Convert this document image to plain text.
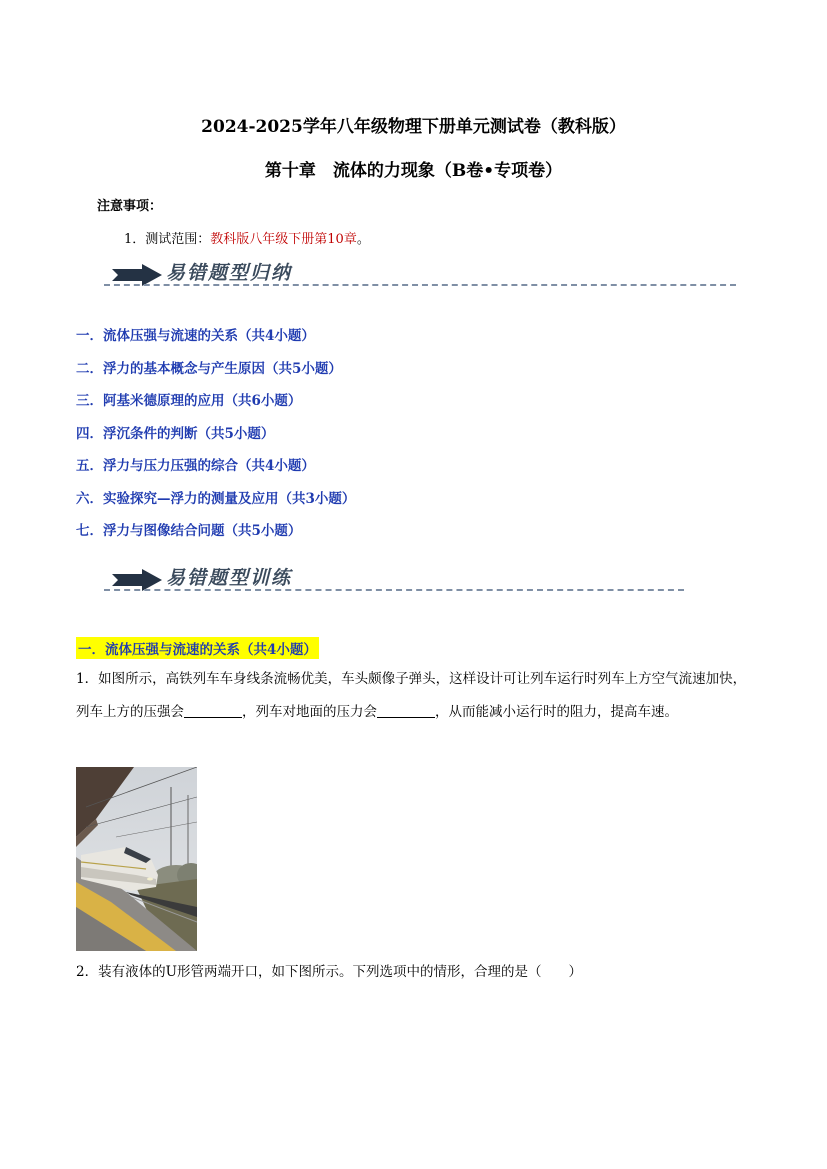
2024-2025学年八年级物理下册单元测试卷（教科版）
第十章　流体的力现象（B卷•专项卷）
注意事项：
1．测试范围：教科版八年级下册第10章。
易错题型归纳
一．流体压强与流速的关系（共4小题）
二．浮力的基本概念与产生原因（共5小题）
三．阿基米德原理的应用（共6小题）
四．浮沉条件的判断（共5小题）
五．浮力与压力压强的综合（共4小题）
六．实验探究—浮力的测量及应用（共3小题）
七．浮力与图像结合问题（共5小题）
易错题型训练
一．流体压强与流速的关系（共4小题）
1．如图所示，高铁列车车身线条流畅优美，车头颇像子弹头，这样设计可让列车运行时列车上方空气流速加快，列车上方的压强会	，列车对地面的压力会	，从而能减小运行时的阻力，提高车速。
2．装有液体的U形管两端开口，如下图所示。下列选项中的情形，合理的是（　　）
